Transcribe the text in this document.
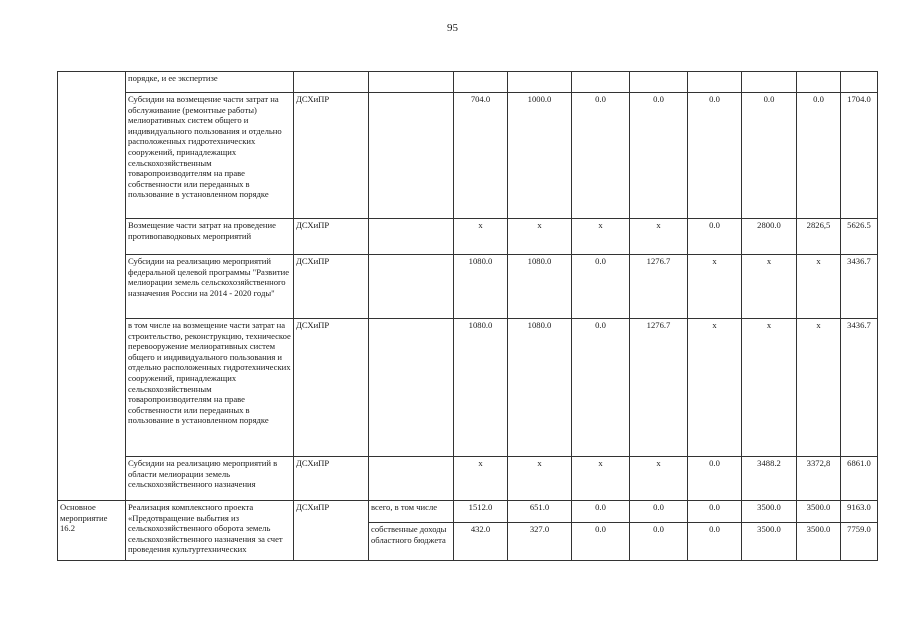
95
	порядке, и ее экспертизе										
	Субсидии на возмещение части затрат на обслуживание (ремонтные работы) мелиоративных систем общего и индивидуального пользования и отдельно расположенных гидротехнических сооружений, принадлежащих сельскохозяйственным товаропроизводителям на праве собственности или переданных в пользование в установленном порядке	ДСХиПР		704.0	1000.0	0.0	0.0	0.0	0.0	0.0	1704.0
	Возмещение части затрат на проведение противопаводковых мероприятий	ДСХиПР		x	x	x	x	0.0	2800.0	2826,5	5626.5
	Субсидии на реализацию мероприятий федеральной целевой программы "Развитие мелиорации земель сельскохозяйственного назначения России на 2014 - 2020 годы"	ДСХиПР		1080.0	1080.0	0.0	1276.7	x	x	x	3436.7
	в том числе на возмещение части затрат на строительство, реконструкцию, техническое перевооружение мелиоративных систем общего и индивидуального пользования и отдельно расположенных гидротехнических сооружений, принадлежащих сельскохозяйственным товаропроизводителям на праве собственности или переданных в пользование в установленном порядке	ДСХиПР		1080.0	1080.0	0.0	1276.7	x	x	x	3436.7
	Субсидии на реализацию мероприятий в области мелиорации земель сельскохозяйственного назначения	ДСХиПР		x	x	x	x	0.0	3488.2	3372,8	6861.0
Основное мероприятие 16.2	Реализация комплексного проекта «Предотвращение выбытия из сельскохозяйственного оборота земель сельскохозяйственного назначения за счет проведения культуртехнических	ДСХиПР	всего, в том числе	1512.0	651.0	0.0	0.0	0.0	3500.0	3500.0	9163.0
			собственные доходы областного бюджета	432.0	327.0	0.0	0.0	0.0	3500.0	3500.0	7759.0
